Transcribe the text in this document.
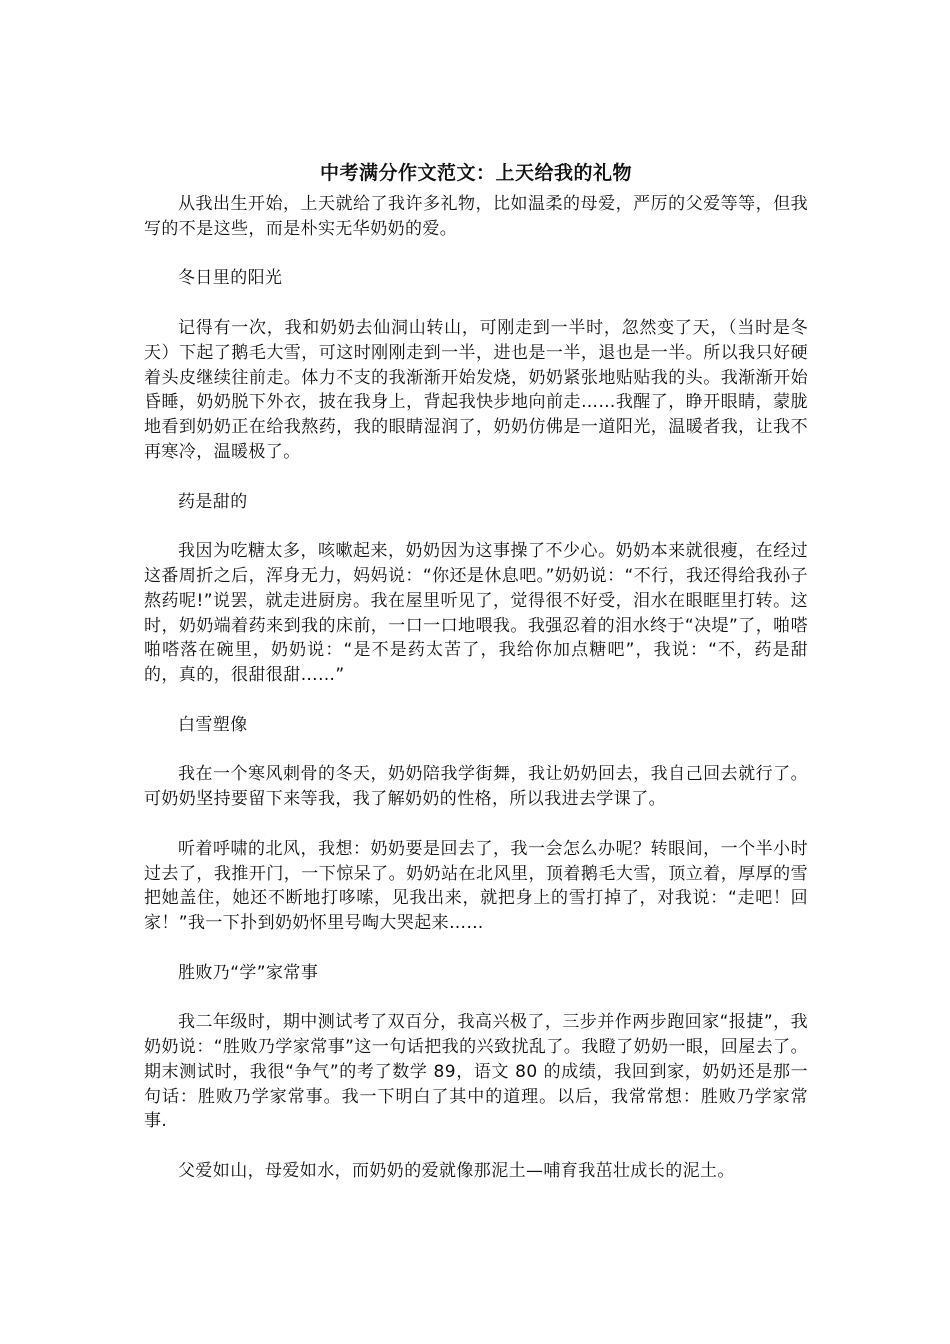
中考满分作文范文：上天给我的礼物

从我出生开始，上天就给了我许多礼物，比如温柔的母爱，严厉的父爱等等，但我写的不是这些，而是朴实无华奶奶的爱。

冬日里的阳光

记得有一次，我和奶奶去仙洞山转山，可刚走到一半时，忽然变了天，（当时是冬天）下起了鹅毛大雪，可这时刚刚走到一半，进也是一半，退也是一半。所以我只好硬着头皮继续往前走。体力不支的我渐渐开始发烧，奶奶紧张地贴贴我的头。我渐渐开始昏睡，奶奶脱下外衣，披在我身上，背起我快步地向前走……我醒了，睁开眼睛，蒙胧地看到奶奶正在给我熬药，我的眼睛湿润了，奶奶仿佛是一道阳光，温暖者我，让我不再寒冷，温暖极了。

药是甜的

我因为吃糖太多，咳嗽起来，奶奶因为这事操了不少心。奶奶本来就很瘦，在经过这番周折之后，浑身无力，妈妈说：“你还是休息吧。”奶奶说：“不行，我还得给我孙子熬药呢!”说罢，就走进厨房。我在屋里听见了，觉得很不好受，泪水在眼眶里打转。这时，奶奶端着药来到我的床前，一口一口地喂我。我强忍着的泪水终于“决堤”了，啪嗒啪嗒落在碗里，奶奶说：“是不是药太苦了，我给你加点糖吧”，我说：“不，药是甜的，真的，很甜很甜……”

白雪塑像

我在一个寒风刺骨的冬天，奶奶陪我学街舞，我让奶奶回去，我自己回去就行了。可奶奶坚持要留下来等我，我了解奶奶的性格，所以我进去学课了。

听着呼啸的北风，我想：奶奶要是回去了，我一会怎么办呢？转眼间，一个半小时过去了，我推开门，一下惊呆了。奶奶站在北风里，顶着鹅毛大雪，顶立着，厚厚的雪把她盖住，她还不断地打哆嗦，见我出来，就把身上的雪打掉了，对我说：“走吧！回家！”我一下扑到奶奶怀里号啕大哭起来……

胜败乃“学”家常事

我二年级时，期中测试考了双百分，我高兴极了，三步并作两步跑回家“报捷”，我奶奶说：“胜败乃学家常事”这一句话把我的兴致扰乱了。我瞪了奶奶一眼，回屋去了。期末测试时，我很“争气”的考了数学 89，语文 80 的成绩，我回到家，奶奶还是那一句话：胜败乃学家常事。我一下明白了其中的道理。以后，我常常想：胜败乃学家常事.

父爱如山，母爱如水，而奶奶的爱就像那泥土—哺育我茁壮成长的泥土。
